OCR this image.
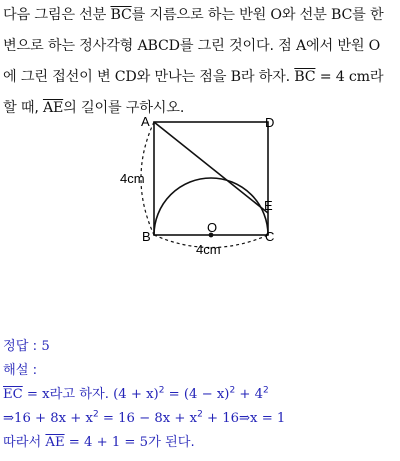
다음 그림은 선분 $\overline{BC}$를 지름으로 하는 반원 O와 선분 BC를 한
변으로 하는 정사각형 ABCD를 그린 것이다. 점 A에서 반원 O
에 그린 접선이 변 CD와 만나는 점을 B라 하자. $\overline{BC} = 4$ cm라
할 때, $\overline{AE}$의 길이를 구하시오.
A	D
E
B	C
O
4cm
4cm
정답 : 5
해설 :
$\overline{EC} = x$라고 하자. $(4 + x)^2 = (4 - x)^2 + 4^2$
⇒16 + $8x + x^2 = 16 - 8x + x^2$ + 16⇒x = 1
따라서 $\overline{AE} = 4 + 1 = 5$가 된다.
